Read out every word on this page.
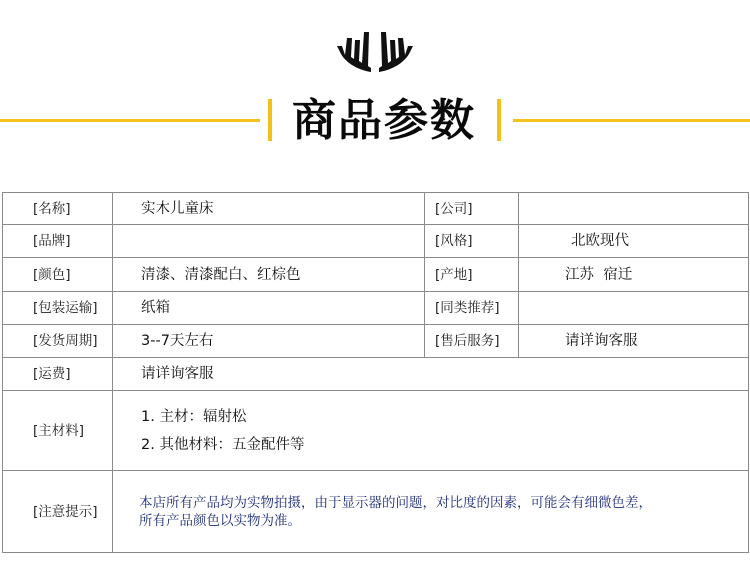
商品参数
[名称]	实木儿童床	[公司]	
[品牌]		[风格]	北欧现代
[颜色]	清漆、清漆配白、红棕色	[产地]	江苏  宿迁
[包装运输]	纸箱	[同类推荐]	
[发货周期]	3--7天左右	[售后服务]	请详询客服
[运费]	请详询客服		
[主材料]	1. 主材：辐射松
2. 其他材料：五金配件等		

[注意提示]	本店所有产品均为实物拍摄，由于显示器的问题，对比度的因素，可能会有细微色差，
所有产品颜色以实物为准。		
